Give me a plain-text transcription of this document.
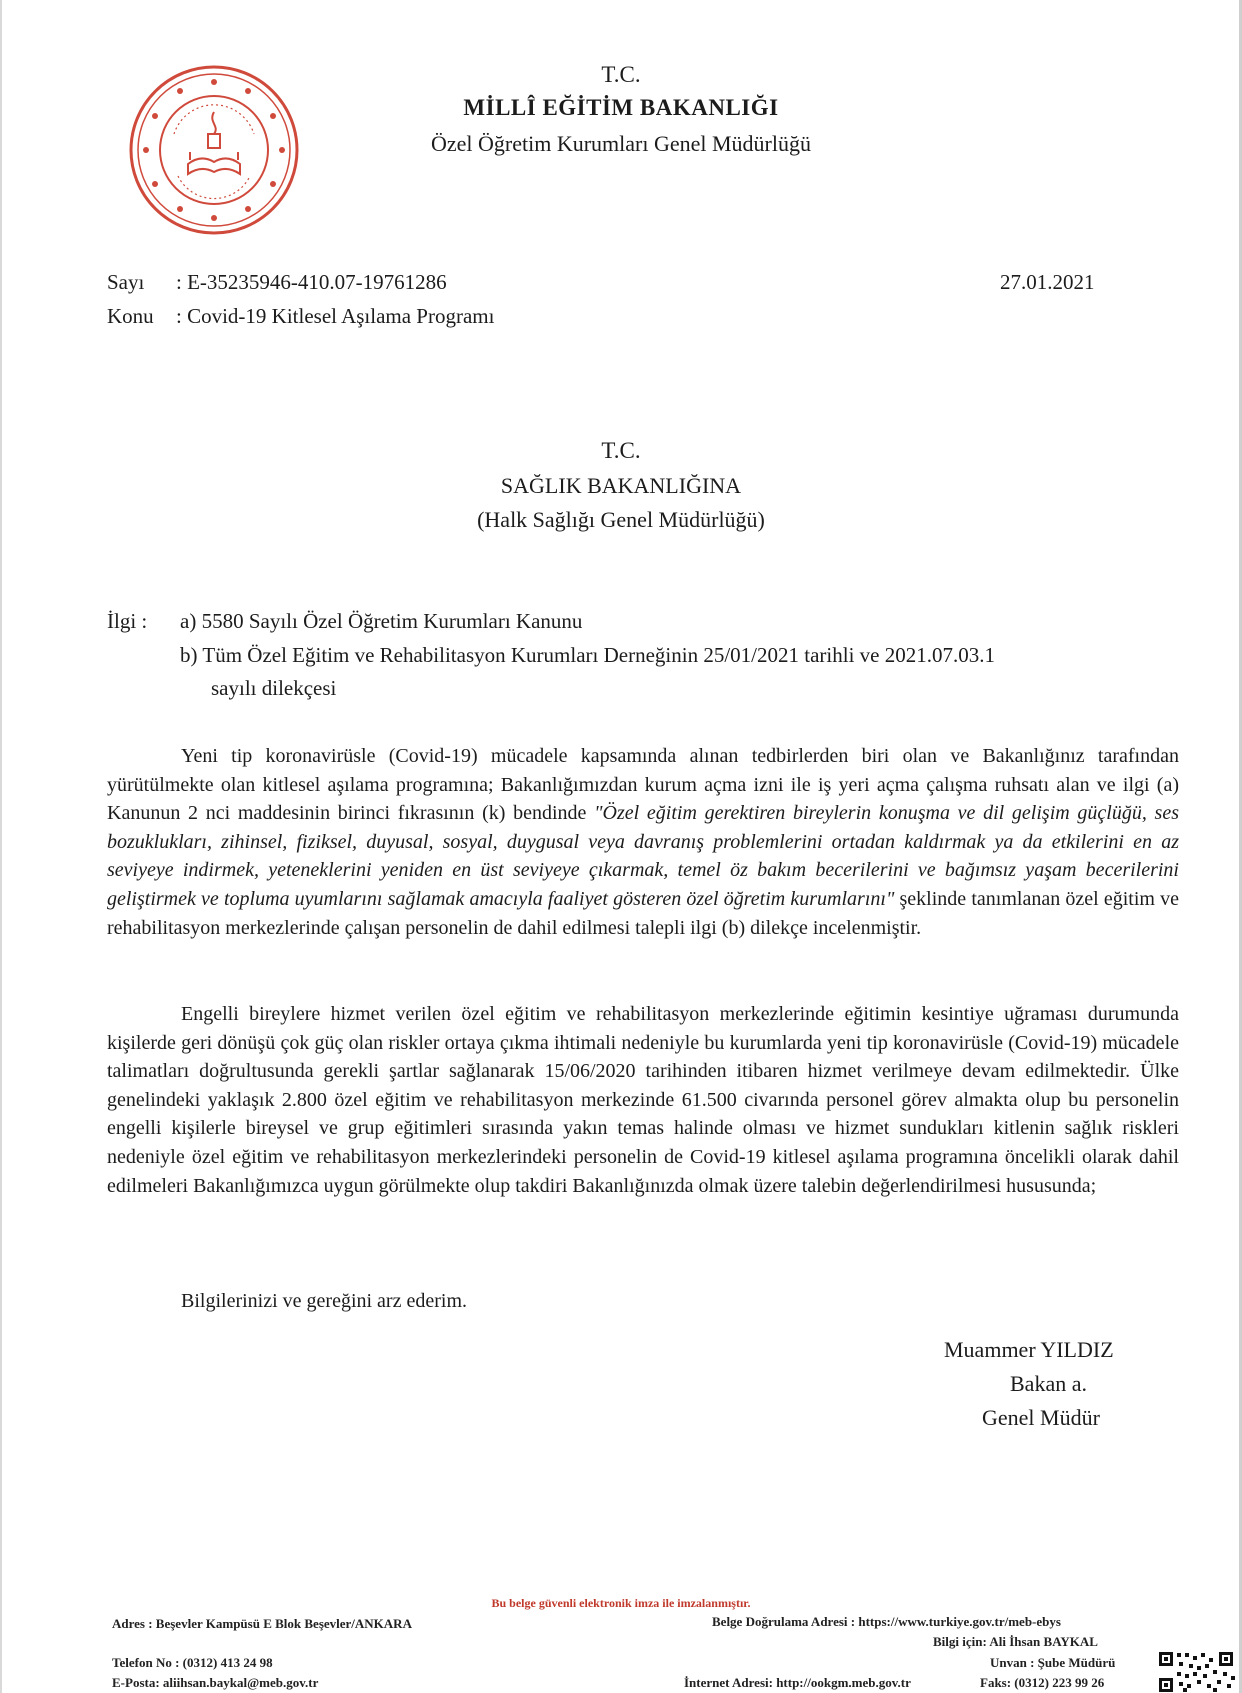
T.C.
MİLLÎ EĞİTİM BAKANLIĞI
Özel Öğretim Kurumları Genel Müdürlüğü
Sayı : E-35235946-410.07-19761286	27.01.2021
Konu : Covid-19 Kitlesel Aşılama Programı
T.C.
SAĞLIK BAKANLIĞINA
(Halk Sağlığı Genel Müdürlüğü)
İlgi : a) 5580 Sayılı Özel Öğretim Kurumları Kanunu
b) Tüm Özel Eğitim ve Rehabilitasyon Kurumları Derneğinin 25/01/2021 tarihli ve 2021.07.03.1
sayılı dilekçesi
Yeni tip koronavirüsle (Covid-19) mücadele kapsamında alınan tedbirlerden biri olan ve Bakanlığınız tarafından yürütülmekte olan kitlesel aşılama programına; Bakanlığımızdan kurum açma izni ile iş yeri açma çalışma ruhsatı alan ve ilgi (a) Kanunun 2 nci maddesinin birinci fıkrasının (k) bendinde "Özel eğitim gerektiren bireylerin konuşma ve dil gelişim güçlüğü, ses bozuklukları, zihinsel, fiziksel, duyusal, sosyal, duygusal veya davranış problemlerini ortadan kaldırmak ya da etkilerini en az seviyeye indirmek, yeteneklerini yeniden en üst seviyeye çıkarmak, temel öz bakım becerilerini ve bağımsız yaşam becerilerini geliştirmek ve topluma uyumlarını sağlamak amacıyla faaliyet gösteren özel öğretim kurumlarını" şeklinde tanımlanan özel eğitim ve rehabilitasyon merkezlerinde çalışan personelin de dahil edilmesi talepli ilgi (b) dilekçe incelenmiştir.
Engelli bireylere hizmet verilen özel eğitim ve rehabilitasyon merkezlerinde eğitimin kesintiye uğraması durumunda kişilerde geri dönüşü çok güç olan riskler ortaya çıkma ihtimali nedeniyle bu kurumlarda yeni tip koronavirüsle (Covid-19) mücadele talimatları doğrultusunda gerekli şartlar sağlanarak 15/06/2020 tarihinden itibaren hizmet verilmeye devam edilmektedir. Ülke genelindeki yaklaşık 2.800 özel eğitim ve rehabilitasyon merkezinde 61.500 civarında personel görev almakta olup bu personelin engelli kişilerle bireysel ve grup eğitimleri sırasında yakın temas halinde olması ve hizmet sundukları kitlenin sağlık riskleri nedeniyle özel eğitim ve rehabilitasyon merkezlerindeki personelin de Covid-19 kitlesel aşılama programına öncelikli olarak dahil edilmeleri Bakanlığımızca uygun görülmekte olup takdiri Bakanlığınızda olmak üzere talebin değerlendirilmesi hususunda;
Bilgilerinizi ve gereğini arz ederim.
Muammer YILDIZ
Bakan a.
Genel Müdür
Bu belge güvenli elektronik imza ile imzalanmıştır.
Adres : Beşevler Kampüsü E Blok Beşevler/ANKARA	Belge Doğrulama Adresi : https://www.turkiye.gov.tr/meb-ebys
Bilgi için: Ali İhsan BAYKAL
Telefon No : (0312) 413 24 98	Unvan : Şube Müdürü
E-Posta: aliihsan.baykal@meb.gov.tr	İnternet Adresi: http://ookgm.meb.gov.tr	Faks: (0312) 223 99 26
